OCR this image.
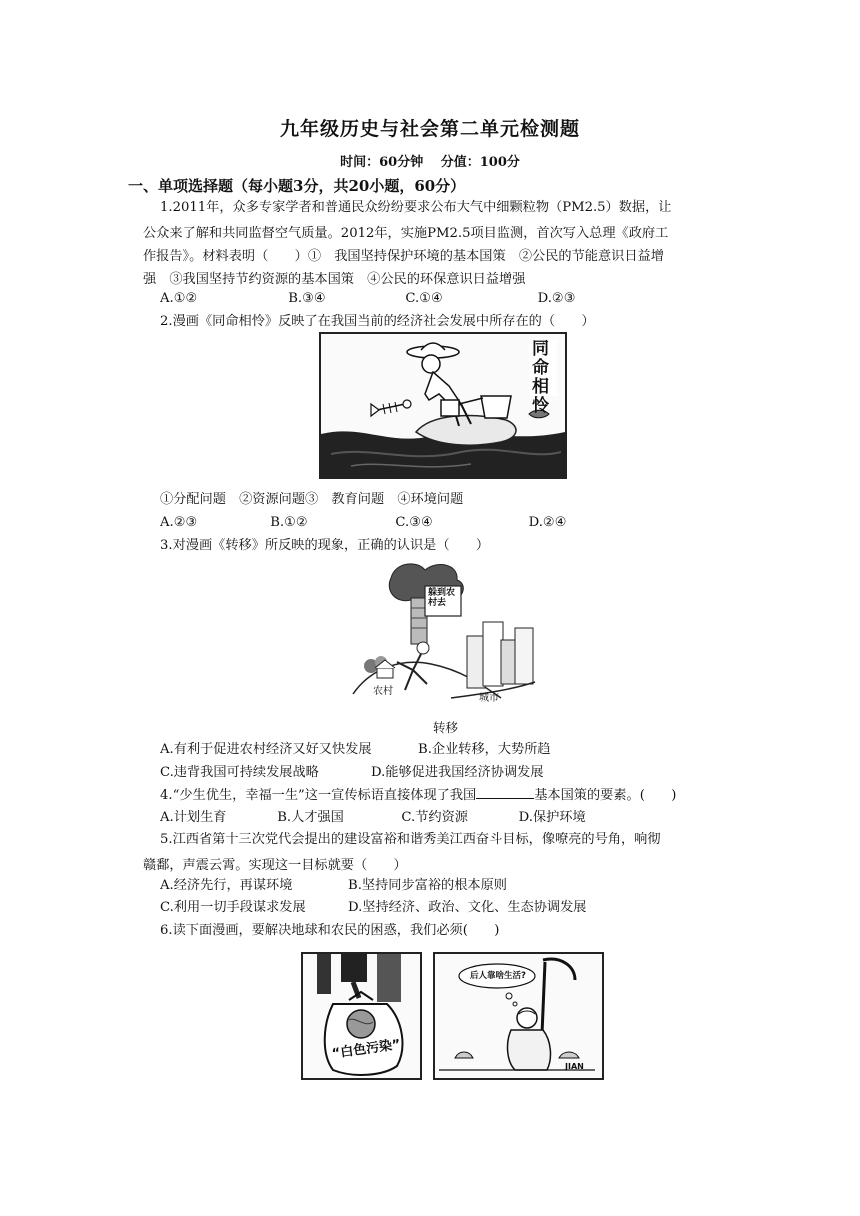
九年级历史与社会第二单元检测题
时间：60分钟　 分值：100分
一、单项选择题（每小题3分，共20小题，60分）
1.2011年，众多专家学者和普通民众纷纷要求公布大气中细颗粒物（PM2.5）数据，让
公众来了解和共同监督空气质量。2012年，实施PM2.5项目监测，首次写入总理《政府工
作报告》。材料表明（　　）①　我国坚持保护环境的基本国策　②公民的节能意识日益增
强　③我国坚持节约资源的基本国策　④公民的环保意识日益增强
A.①②	B.③④	C.①④	D.②③
2.漫画《同命相怜》反映了在我国当前的经济社会发展中所存在的（　　）
同命相怜
①分配问题　②资源问题③　教育问题　④环境问题
A.②③	B.①②	C.③④	D.②④
3.对漫画《转移》所反映的现象，正确的认识是（　　）
躲到农村去
农村
城市
转移
A.有利于促进农村经济又好又快发展	B.企业转移，大势所趋
C.违背我国可持续发展战略	D.能够促进我国经济协调发展
4.“少生优生，幸福一生”这一宣传标语直接体现了我国	基本国策的要素。(　　)
A.计划生育	B.人才强国	C.节约资源	D.保护环境
5.江西省第十三次党代会提出的建设富裕和谐秀美江西奋斗目标，像嘹亮的号角，响彻
赣鄱，声震云霄。实现这一目标就要（　　）
A.经济先行，再谋环境	B.坚持同步富裕的根本原则
C.利用一切手段谋求发展	D.坚持经济、政治、文化、生态协调发展
6.读下面漫画，要解决地球和农民的困惑，我们必须(　　)
“白色污染”
后人靠啥生活?
JIAN
